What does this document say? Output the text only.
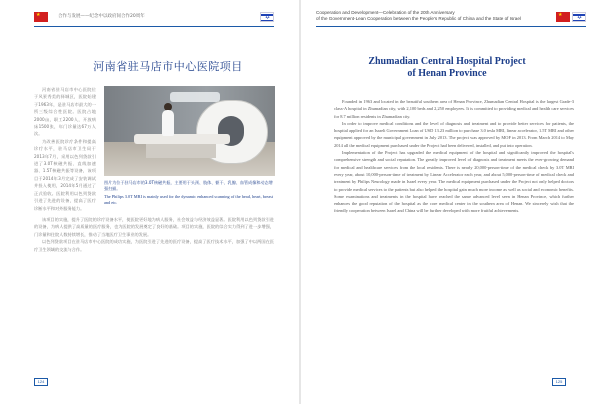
★	✡
合作与发展——纪念中以政府间合作20周年
Cooperation and Development—Celebration of the 20th Anniversary
of the Government-Lean Cooperation between the People's Republic of China and the State of Israel
★ ✡
河南省驻马店市中心医院项目

河南省驻马店市中心医院位于风景秀美的驿城区，医院始建于1963年，是驻马店市最大的一所三级综合性医院。医院占地2000亩，职工2200人，开放病床1500张，年门诊量达67万人次。

为改善医院诊疗条件和提高诊疗水平，驻马店市卫生局于2013年7月，采用以色列贷款引进了3.0T核磁共振、直线加速器、1.5T核磁共振等设备，该项目于2014年3月完成了安装调试并投入使用，2014年5月通过了正式验收。医院利用以色列贷款引进了先进的设备，提高了医疗诊断水平和对外服务能力。

图片为位于驻马店市的3.0T核磁共振，主要用于头颈、肢体、躯干、乳腺、血管成像和动态增强扫描。
The Philips 3.0T MRI is mainly used for the dynamic enhanced scanning of the head, heart, breast and etc.

该项目的实施，提升了医院的诊疗设备水平，使医院更好地为病人服务，社会效益与经济效益显著。医院利用以色列贷款引进的设备，为病人提供了高质量的医疗服务，也为医院的发展奠定了良好的基础。项目的实施，医院的综合实力得到了进一步增强，门诊量和住院人数持续增长，推动了当地医疗卫生事业的发展。

以色列贷款项目在驻马店市中心医院的成功实施，为医院引进了先进的医疗设备，提高了医疗技术水平，加强了中以两国在医疗卫生领域的交流与合作。

124
Zhumadian Central Hospital Project
of Henan Province

Founded in 1963 and located in the beautiful southern area of Henan Province, Zhumadian Central Hospital is the largest Grade-3 class-A hospital in Zhumadian city, with 2,100 beds and 2,250 employees. It is committed to providing medical and health care services for 8.7 million residents in Zhumadian city.

In order to improve medical conditions and the level of diagnosis and treatment and to provide better services for patients, the hospital applied for an Israeli Government Loan of USD 13.23 million to purchase 3.0 tesla MRI, linear accelerator, 1.5T MRI and other equipment approved by the municipal government in July 2013. The project was approved by MOF in 2013. From March 2014 to May 2014 all the medical equipment purchased under the Project had been delivered, installed, and put into operation.

Implementation of the Project has upgraded the medical equipment of the hospital and significantly improved the hospital's comprehensive strength and social reputation. The greatly improved level of diagnosis and treatment meets the ever-growing demand for medical and healthcare services from the local residents. There is nearly 20,000-person-time of the medical check by 3.0T MRI every year, about 10,000-person-time of treatment by Linear Accelerator each year, and about 5,000-person-time of medical check and treatment by Philips Neurology made in Israel every year. The medical equipment purchased under the Project not only helped doctors to provide medical services to the patients but also helped the hospital gain much more income as well as social and economic benefits. Some examinations and treatments in the hospital have reached the same advanced level seen in Henan Province, which further enhances the good reputation of the hospital as the core medical center in the southern area of Henan. We sincerely wish that the friendly cooperation between Israel and China will be further developed with more fruitful achievements.

125
